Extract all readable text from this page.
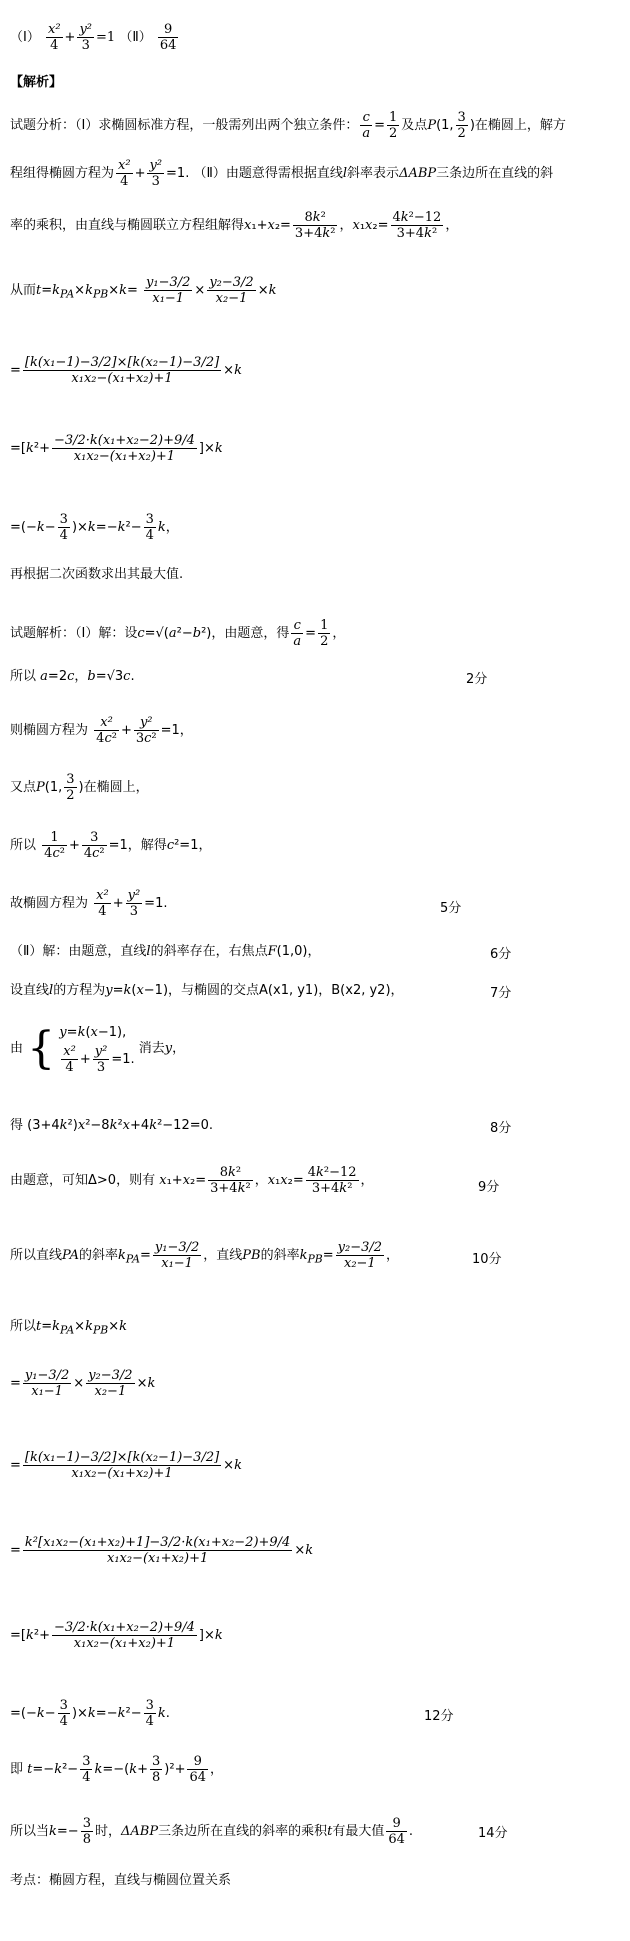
（Ⅰ） $\frac{\text{x²}}{4} + \frac{\text{y²}}{3} =1$ （Ⅱ） $\frac{9}{64}$
【解析】
试题分析：（Ⅰ）求椭圆标准方程，一般需列出两个独立条件： $\frac{c}{a} = \frac{1}{2}$ 及点P(1, $\frac{3}{2}$ )在椭圆上，解方
程组得椭圆方程为 $\frac{\text{x²}}{4} + \frac{\text{y²}}{3} =1$. （Ⅱ）由题意得需根据直线l斜率表示ΔABP三条边所在直线的斜
率的乘积，由直线与椭圆联立方程组解得$x_1+x_2= \frac{\text{8k²}}{\text{3+4k²}}$ ，$x_1x_2= \frac{\text{4k²−12}}{\text{3+4k²}}$ ，
从而$t=k_{PA}\times k_{PB}\times k= \frac{\text{y₁−3/2}}{\text{x₁−1}} \times \frac{\text{y₂−3/2}}{\text{x₂−1}} \times k$
= $\frac{\text{[k(x₁−1)−3/2]×[k(x₂−1)−3/2]}}{\text{x₁x₂−(x₁+x₂)+1}} \times k$
$=[k^2+ \frac{\text{−3/2·k(x₁+x₂−2)+9/4}}{\text{x₁x₂−(x₁+x₂)+1}} ]\times k$
$=(-k- \frac{3}{4} )\times k=-k^2- \frac{3}{4}$ k，
再根据二次函数求出其最大值.
试题解析：（Ⅰ）解：设c=√(a²−b²)，由题意，得 $\frac{c}{a} = \frac{1}{2}$ ，
所以 a=2c，b=√3c.	2分
则椭圆方程为 $\frac{\text{x²}}{\text{4c²}} + \frac{\text{y²}}{\text{3c²}} =1$，
又点P(1, $\frac{3}{2}$ )在椭圆上，
所以 $\frac{1}{\text{4c²}} + \frac{3}{\text{4c²}} =1$，解得c²=1，
故椭圆方程为 $\frac{\text{x²}}{4} + \frac{\text{y²}}{3} =1$.	5分
（Ⅱ）解：由题意，直线l的斜率存在，右焦点F(1,0)，	6分
设直线l的方程为y=k(x−1)，与椭圆的交点A(x1, y1)，B(x2, y2)，	7分
由 { y=k(x−1),
$\frac{\text{x²}}{4} + \frac{\text{y²}}{3} =1$.
消去y，
得 (3+4k²)x²−8k²x+4k²−12=0.	8分
由题意，可知Δ>0，则有 $x_1+x_2= \frac{\text{8k²}}{\text{3+4k²}}$ ，$x_1x_2= \frac{\text{4k²−12}}{\text{3+4k²}}$ ，	9分
所以直线PA的斜率$k_{PA}= \frac{\text{y₁−3/2}}{\text{x₁−1}}$ ，直线PB的斜率$k_{PB}= \frac{\text{y₂−3/2}}{\text{x₂−1}}$ ，	10分
所以$t=k_{PA}\times k_{PB}\times k$
= $\frac{\text{y₁−3/2}}{\text{x₁−1}} \times \frac{\text{y₂−3/2}}{\text{x₂−1}} \times k$
= $\frac{\text{[k(x₁−1)−3/2]×[k(x₂−1)−3/2]}}{\text{x₁x₂−(x₁+x₂)+1}} \times k$
= $\frac{\text{k²[x₁x₂−(x₁+x₂)+1]−3/2·k(x₁+x₂−2)+9/4}}{\text{x₁x₂−(x₁+x₂)+1}} \times k$
$=[k^2+ \frac{\text{−3/2·k(x₁+x₂−2)+9/4}}{\text{x₁x₂−(x₁+x₂)+1}} ]\times k$
$=(-k- \frac{3}{4} )\times k=-k^2- \frac{3}{4} k$.	12分
即 $t=-k^2- \frac{3}{4} k=-(k+ \frac{3}{8} )^2+ \frac{9}{64}$ ，
所以当$k=- \frac{3}{8}$ 时，ΔABP三条边所在直线的斜率的乘积t有最大值 $\frac{9}{64}$ .	14分
考点：椭圆方程，直线与椭圆位置关系
